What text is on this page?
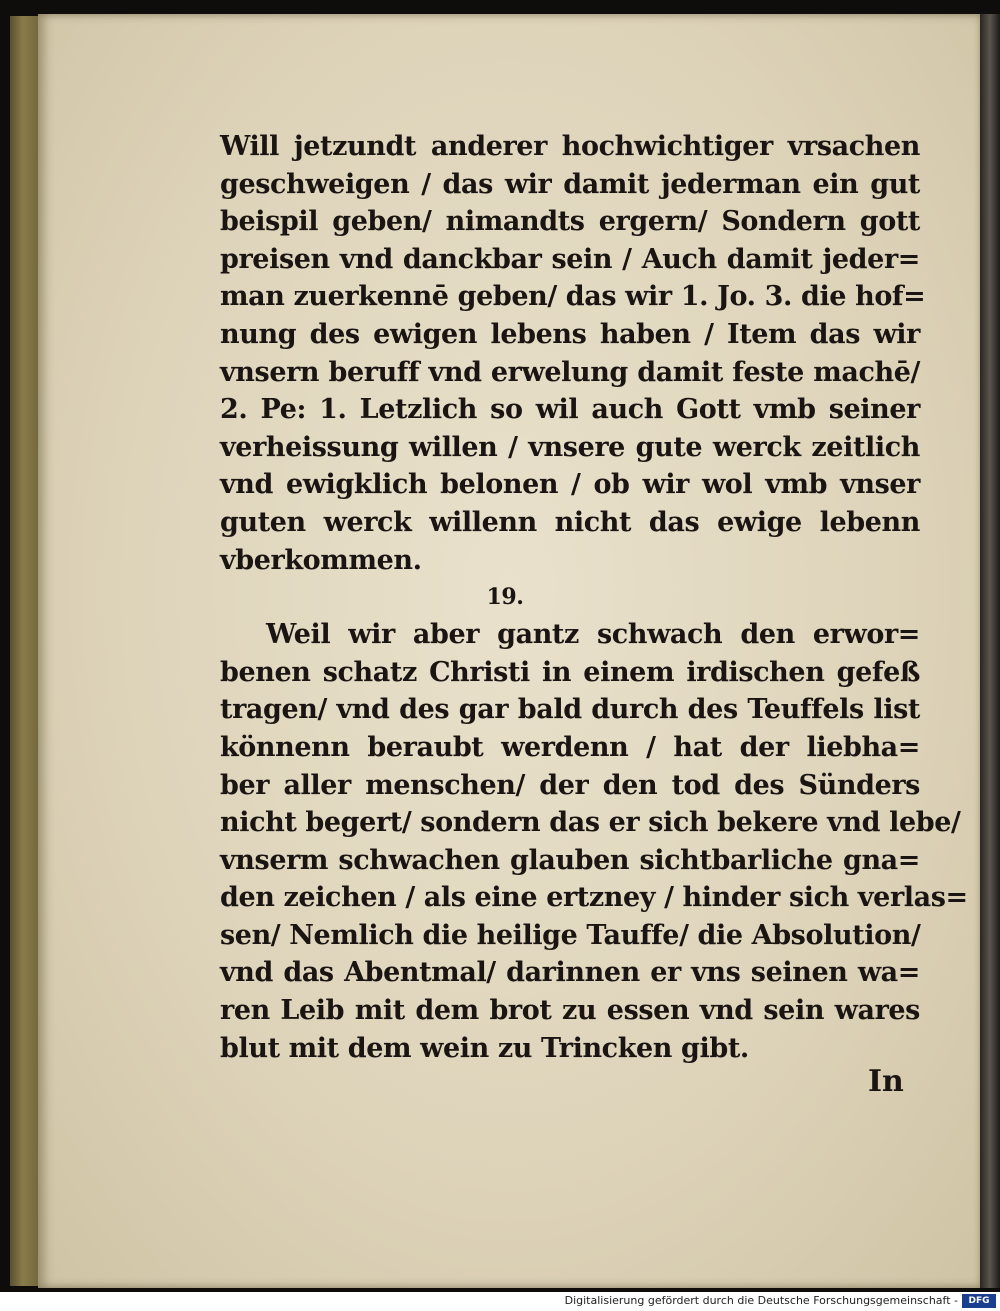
Will jetzundt anderer hochwichtiger vrsachen
geschweigen / das wir damit jederman ein gut
beispil geben/ nimandts ergern/ Sondern gott
preisen vnd danckbar sein / Auch damit jeder=
man zuerkennē geben/ das wir 1. Jo. 3. die hof=
nung des ewigen lebens haben / Item das wir
vnsern beruff vnd erwelung damit feste machē/
2. Pe: 1. Letzlich so wil auch Gott vmb seiner
verheissung willen / vnsere gute werck zeitlich
vnd ewigklich belonen / ob wir wol vmb vnser
guten werck willenn nicht das ewige lebenn
vberkommen.
19.
Weil wir aber gantz schwach den erwor=
benen schatz Christi in einem irdischen gefeß
tragen/ vnd des gar bald durch des Teuffels list
könnenn beraubt werdenn / hat der liebha=
ber aller menschen/ der den tod des Sünders
nicht begert/ sondern das er sich bekere vnd lebe/
vnserm schwachen glauben sichtbarliche gna=
den zeichen / als eine ertzney / hinder sich verlas=
sen/ Nemlich die heilige Tauffe/ die Absolution/
vnd das Abentmal/ darinnen er vns seinen wa=
ren Leib mit dem brot zu essen vnd sein wares
blut mit dem wein zu Trincken gibt.
In
Digitalisierung gefördert durch die Deutsche Forschungsgemeinschaft -	DFG
